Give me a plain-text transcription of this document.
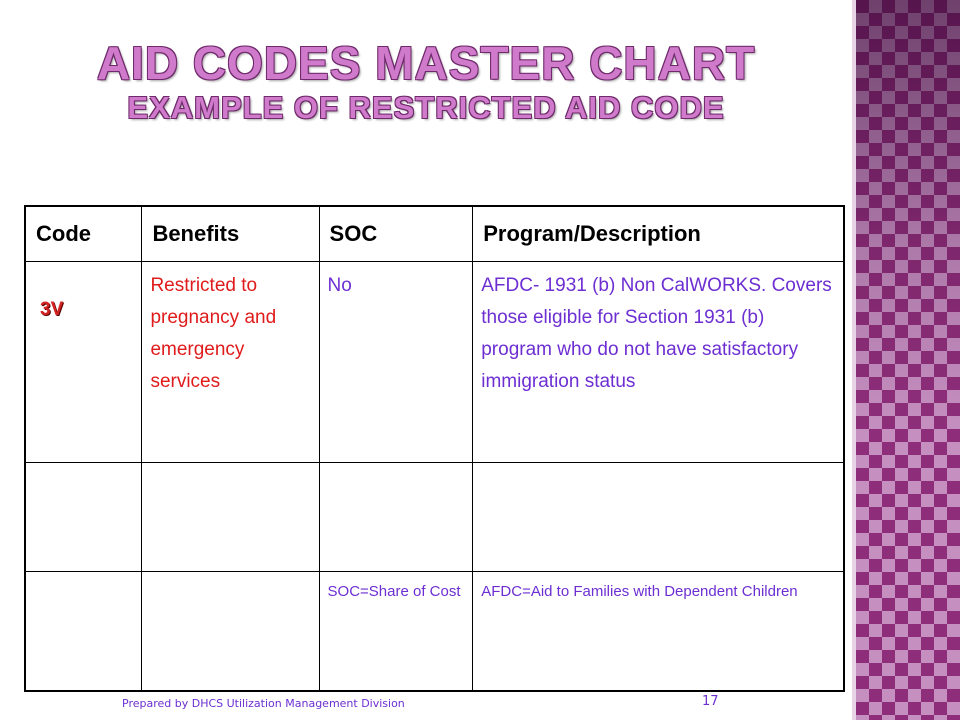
AID CODES MASTER CHART
EXAMPLE OF RESTRICTED AID CODE
Code	Benefits	SOC	Program/Description

3V	Restricted to pregnancy and emergency services	No	AFDC- 1931 (b) Non CalWORKS. Covers those eligible for Section 1931 (b) program who do not have satisfactory immigration status

		SOC=Share of Cost	AFDC=Aid to Families with Dependent Children
Prepared by DHCS Utilization Management Division	17
